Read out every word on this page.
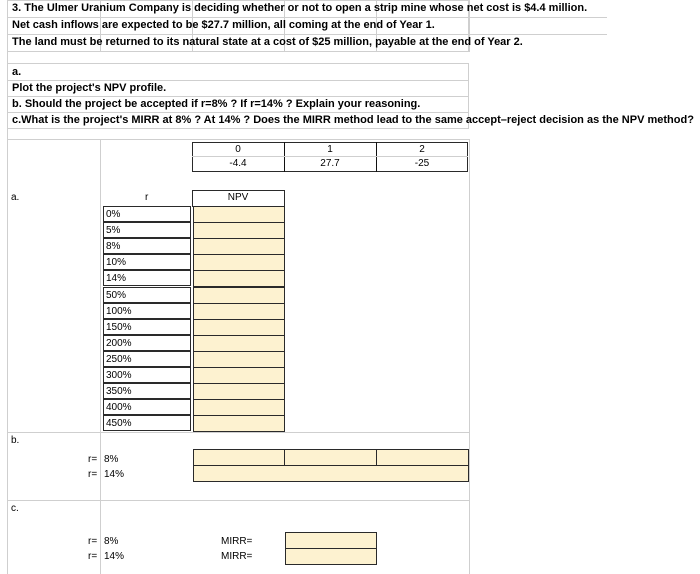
3. The Ulmer Uranium Company is deciding whether or not to open a strip mine whose net cost is $4.4 million.
Net cash inflows are expected to be $27.7 million, all coming at the end of Year 1.
The land must be returned to its natural state at a cost of $25 million, payable at the end of Year 2.
a.
Plot the project's NPV profile.
b. Should the project be accepted if r=8% ? If r=14% ? Explain your reasoning.
c.What is the project's MIRR at 8% ? At 14% ? Does the MIRR method lead to the same accept–reject decision as the NPV method?
0	1	2
-4.4	27.7	-25
a.	r	NPV
0%
5%
8%
10%
14%
50%
100%
150%
200%
250%
300%
350%
400%
450%
b.
r= 8%
r= 14%
c.
r= 8%	MIRR=
r= 14%	MIRR=
